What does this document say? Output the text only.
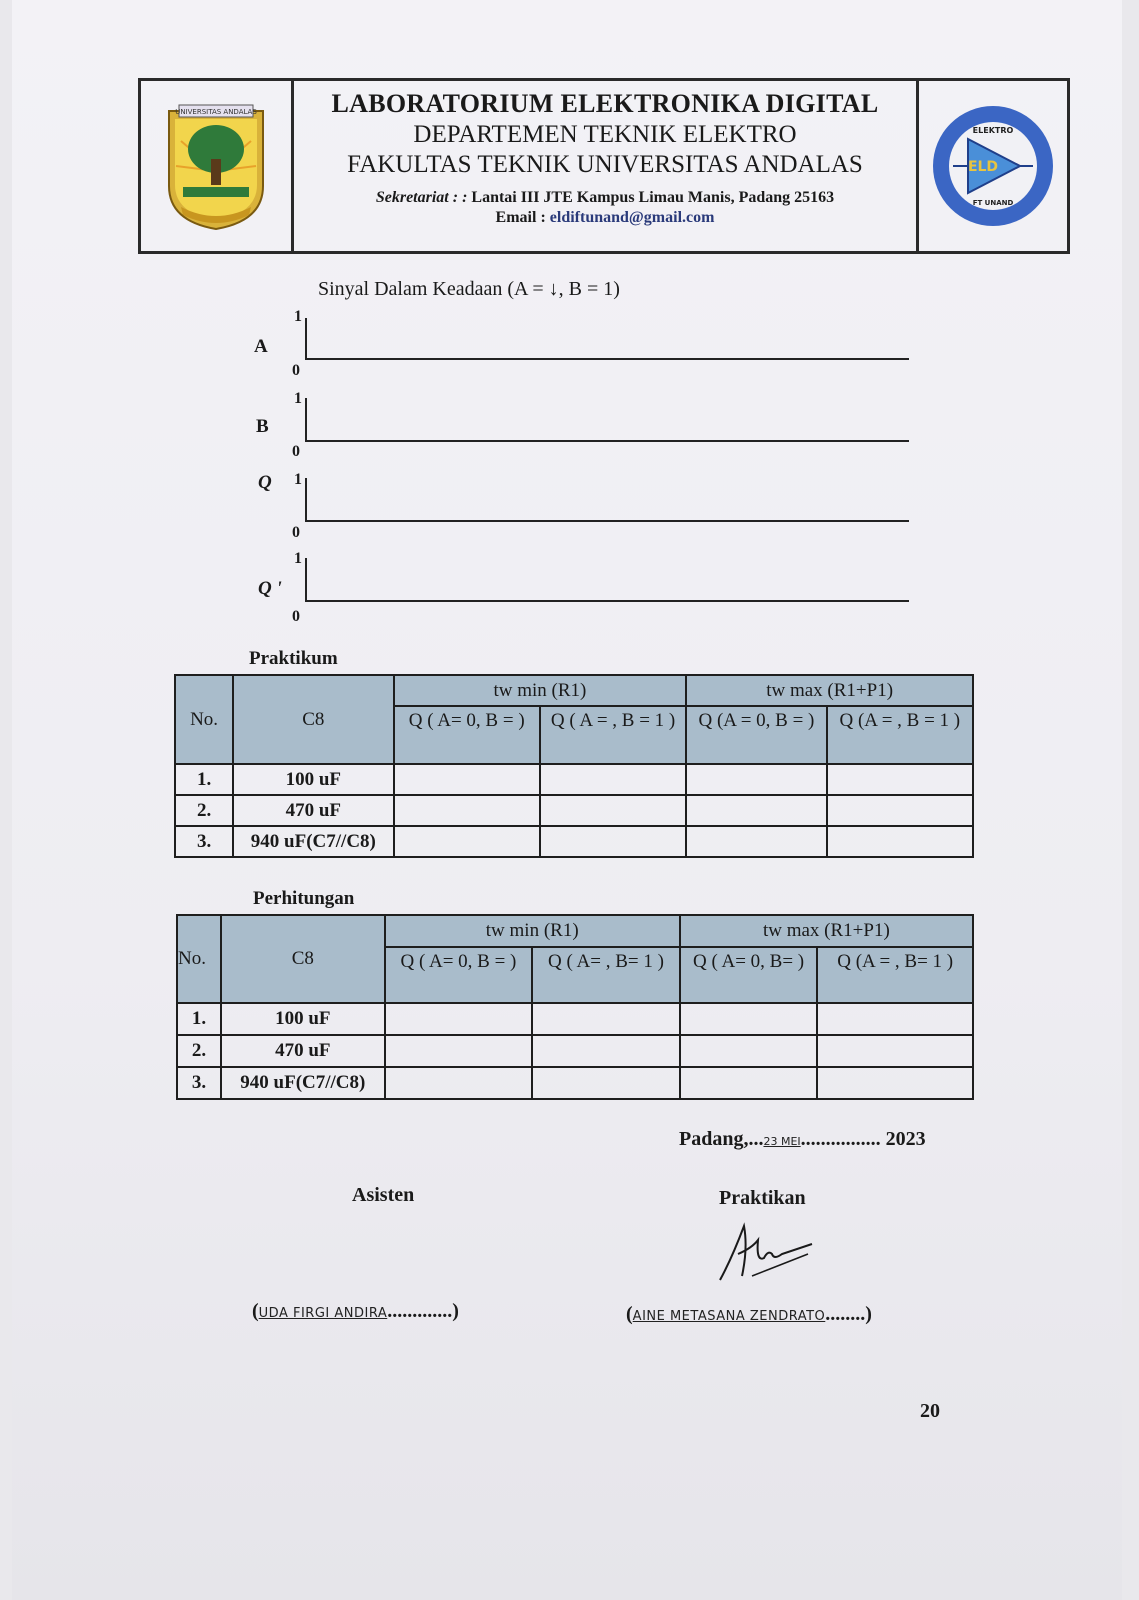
UNIVERSITAS ANDALAS	LABORATORIUM ELEKTRONIKA DIGITAL
DEPARTEMEN TEKNIK ELEKTRO
FAKULTAS TEKNIK UNIVERSITAS ANDALAS
Sekretariat : : Lantai III JTE Kampus Limau Manis, Padang 25163
Email : eldiftunand@gmail.com
ELD
ELEKTRO
FT UNAND
Sinyal Dalam Keadaan (A = ↓, B = 1)
A
1
0
B
1
0
Q 1
0
Q '
1
0
Praktikum
No.	C8	tw min (R1)		tw max (R1+P1)	
		Q ( A= 0, B = )	Q ( A = , B = 1 )	Q (A = 0, B = )	Q (A = , B = 1 )
1.	100 uF				
2.	470 uF				
3.	940 uF(C7//C8)				
Perhitungan
No.	C8	tw min (R1)		tw max (R1+P1)	
		Q ( A= 0, B = )	Q ( A= , B= 1 )	Q ( A= 0, B= )	Q (A = , B= 1 )
1.	100 uF				
2.	470 uF				
3.	940 uF(C7//C8)				
Padang,...23 MEI................ 2023
Asisten	Praktikan
(UDA FIRGI ANDIRA.............)	(AINE METASANA ZENDRATO........)
20
